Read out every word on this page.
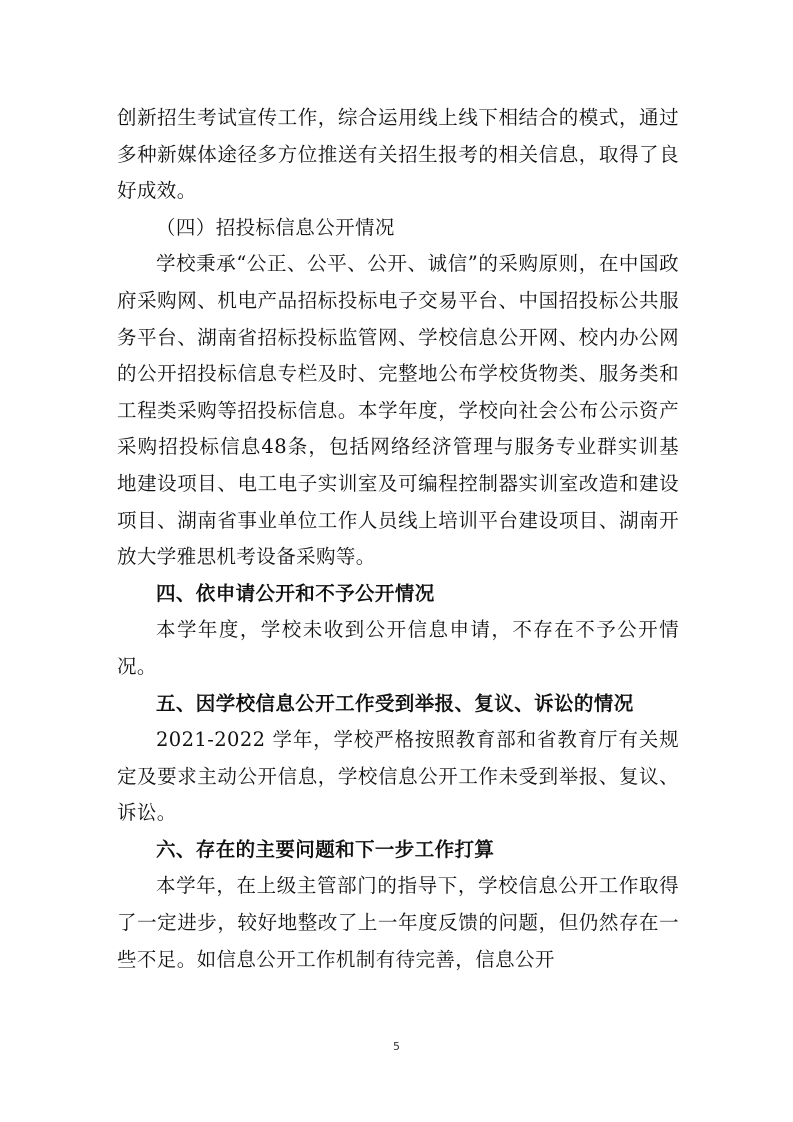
创新招生考试宣传工作，综合运用线上线下相结合的模式，通过多种新媒体途径多方位推送有关招生报考的相关信息，取得了良好成效。

（四）招投标信息公开情况

学校秉承“公正、公平、公开、诚信”的采购原则，在中国政府采购网、机电产品招标投标电子交易平台、中国招投标公共服务平台、湖南省招标投标监管网、学校信息公开网、校内办公网的公开招投标信息专栏及时、完整地公布学校货物类、服务类和工程类采购等招投标信息。本学年度，学校向社会公布公示资产采购招投标信息48条，包括网络经济管理与服务专业群实训基地建设项目、电工电子实训室及可编程控制器实训室改造和建设项目、湖南省事业单位工作人员线上培训平台建设项目、湖南开放大学雅思机考设备采购等。

四、依申请公开和不予公开情况

本学年度，学校未收到公开信息申请，不存在不予公开情况。

五、因学校信息公开工作受到举报、复议、诉讼的情况

2021-2022 学年，学校严格按照教育部和省教育厅有关规定及要求主动公开信息，学校信息公开工作未受到举报、复议、诉讼。

六、存在的主要问题和下一步工作打算

本学年，在上级主管部门的指导下，学校信息公开工作取得了一定进步，较好地整改了上一年度反馈的问题，但仍然存在一些不足。如信息公开工作机制有待完善，信息公开

5
